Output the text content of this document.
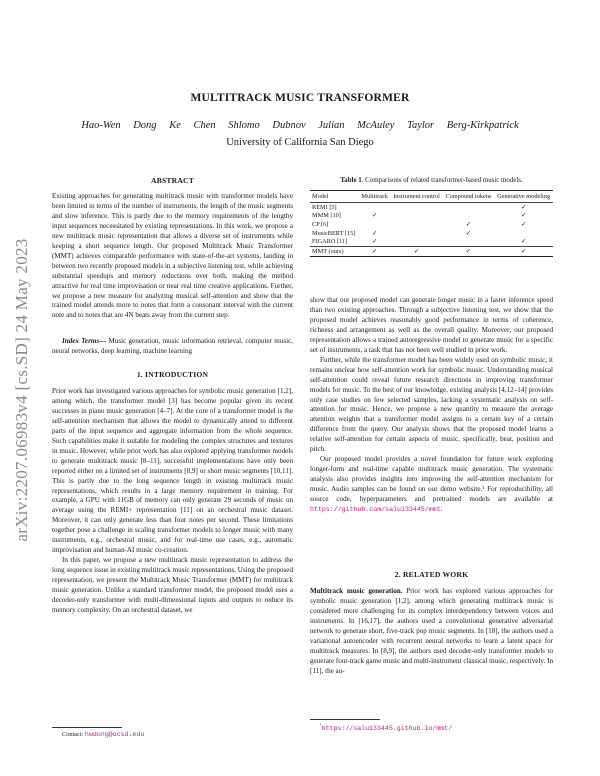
arXiv:2207.06983v4 [cs.SD] 24 May 2023
MULTITRACK MUSIC TRANSFORMER
Hao-Wen Dong Ke Chen Shlomo Dubnov Julian McAuley Taylor Berg-Kirkpatrick
University of California San Diego
ABSTRACT
Existing approaches for generating multitrack music with transformer models have been limited in terms of the number of instruments, the length of the music segments and slow inference. This is partly due to the memory requirements of the lengthy input sequences necessitated by existing representations. In this work, we propose a new multitrack music representation that allows a diverse set of instruments while keeping a short sequence length. Our proposed Multitrack Music Transformer (MMT) achieves comparable performance with state-of-the-art systems, landing in between two recently proposed models in a subjective listening test, while achieving substantial speedups and memory reductions over both, making the method attractive for real time improvisation or near real time creative applications. Further, we propose a new measure for analyzing musical self-attention and show that the trained model attends more to notes that form a consonant interval with the current note and to notes that are 4N beats away from the current step.
Index Terms— Music generation, music information retrieval, computer music, neural networks, deep learning, machine learning
1. INTRODUCTION

Prior work has investigated various approaches for symbolic music generation [1,2], among which, the transformer model [3] has become popular given its recent successes in piano music generation [4–7]. At the core of a transformer model is the self-attention mechanism that allows the model to dynamically attend to different parts of the input sequence and aggregate information from the whole sequence. Such capabilities make it suitable for modeling the complex structures and textures in music. However, while prior work has also explored applying transformer models to generate multitrack music [8–11], successful implementations have only been reported either on a limited set of instruments [8,9] or short music segments [10,11]. This is partly due to the long sequence length in existing multitrack music representations, which results in a large memory requirement in training. For example, a GPU with 11GB of memory can only generate 29 seconds of music on average using the REMI+ representation [11] on an orchestral music dataset. Moreover, it can only generate less than four notes per second. These limitations together pose a challenge in scaling transformer models to longer music with many instruments, e.g., orchestral music, and for real-time use cases, e.g., automatic improvisation and human-AI music co-creation.

In this paper, we propose a new multitrack music representation to address the long sequence issue in existing multitrack music representations. Using the proposed representation, we present the Multitrack Music Transformer (MMT) for multitrack music generation. Unlike a standard transformer model, the proposed model uses a decoder-only transformer with multi-dimensional inputs and outputs to reduce its memory complexity. On an orchestral dataset, we

Contact: hwdong@ucsd.edu
Table 1. Comparisons of related transformer-based music models.
Model	Multitrack	Instrument control	Compound tokens	Generative modeling
REMI [5]				✓
MMM [10]	✓			✓
CP [6]			✓	✓
MusicBERT [15]	✓		✓	
FIGARO [11]	✓			✓
MMT (ours)	✓	✓	✓	✓

show that our proposed model can generate longer music in a faster inference speed than two existing approaches. Through a subjective listening test, we show that the proposed model achieves reasonably good performance in terms of coherence, richness and arrangement as well as the overall quality. Moreover, our proposed representation allows a trained autoregressive model to generate music for a specific set of instruments, a task that has not been well studied in prior work.

Further, while the transformer model has been widely used on symbolic music, it remains unclear how self-attention work for symbolic music. Understanding musical self-attention could reveal future research directions in improving transformer models for music. To the best of our knowledge, existing analysis [4,12–14] provides only case studies on few selected samples, lacking a systematic analysis on self-attention for music. Hence, we propose a new quantity to measure the average attention weights that a transformer model assigns to a certain key of a certain difference from the query. Our analysis shows that the proposed model learns a relative self-attention for certain aspects of music, specifically, beat, position and pitch.

Our proposed model provides a novel foundation for future work exploring longer-form and real-time capable multitrack music generation. The systematic analysis also provides insights into improving the self-attention mechanism for music. Audio samples can be found on our demo website.¹ For reproducibility, all source code, hyperparameters and pretrained models are available at https://github.com/salu133445/mmt.

2. RELATED WORK
Multitrack music generation. Prior work has explored various approaches for symbolic music generation [1,2], among which generating multitrack music is considered more challenging for its complex interdependency between voices and instruments. In [16,17], the authors used a convolutional generative adversarial network to generate short, five-track pop music segments. In [18], the authors used a variational autoencoder with recurrent neural networks to learn a latent space for multitrack measures. In [8,9], the authors used decoder-only transformer models to generate four-track game music and multi-instrument classical music, respectively. In [11], the au-
$^{^1}$https://salu133445.github.io/mmt/
